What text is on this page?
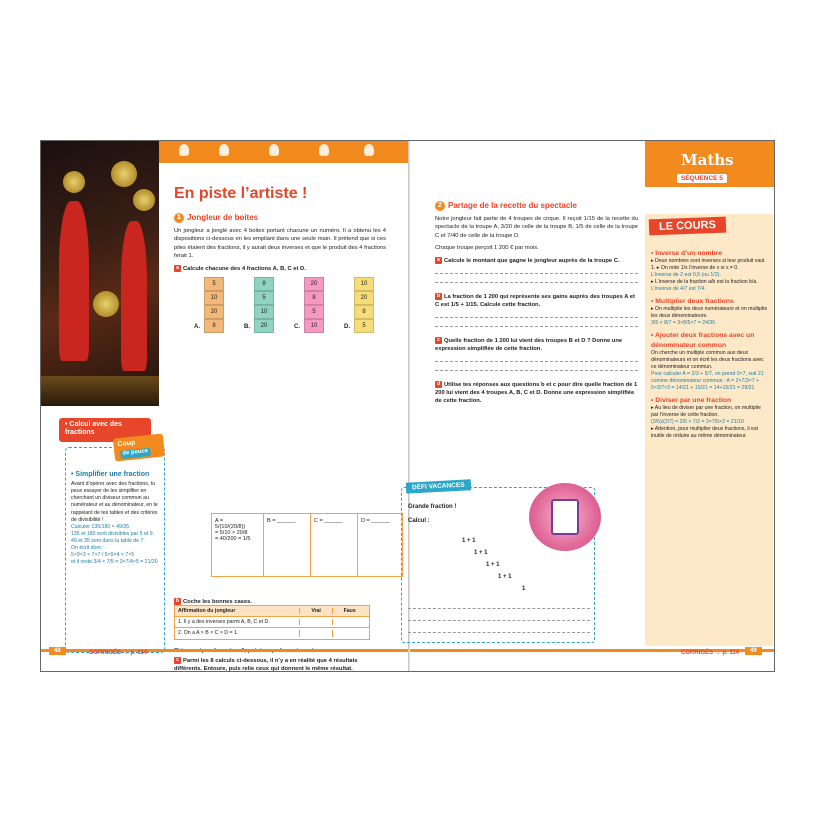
• Calcul avec des fractions
Coupde pouce
• Simplifier une fraction

Avant d’opérer avec des fractions, tu peux essayer de les simplifier en cherchant un diviseur commun au numérateur et au dénominateur, en te rappelant de tes tables et des critères de divisibilité !

Calculer 135/180 × 49/35

135 et 180 sont divisibles par 5 et 9.

49 et 35 sont dans la table de 7.

On écrit donc :

5×9×3 × 7×7 / 5×9×4 × 7×5

et il reste 3/4 × 7/5 = 3×7/4×5 = 21/20

En piste l’artiste !
1 Jongleur de boites

Un jongleur a jonglé avec 4 boites portant chacune un numéro. Il a obtenu les 4 dispositions ci-dessous en les empilant dans une seule main. Il prétend que si ces piles étaient des fractions, il y aurait deux inverses et que le produit des 4 fractions ferait 1.

a Calcule chacune des 4 fractions A, B, C et D.

5
10
20
8
A.
8
5
10
20
B.
20
8
5
10
C.
10
20
8
5
D.
A =
5/(10/(20/8))
= 5/10 × 20/8
= 40/200 = 1/5
B = ______	C = ______	D = ______

b Coche les bonnes cases.

Affirmation du jongleur	Vrai	Faux
1. Il y a des inverses parmi A, B, C et D.
2. On a A × B × C × D = 1.

Si tu as répondu vrai au 1, précise quels sont ces inverses.

c Parmi les 8 calculs ci-dessous, il n’y a en réalité que 4 résultats différents. Entoure, puis relie ceux qui donnent le même résultat.

48	CORRIGÉS → p. 114
2 Partage de la recette du spectacle

Notre jongleur fait partie de 4 troupes de cirque. Il reçoit 1/15 de la recette du spectacle de la troupe A, 3/20 de celle de la troupe B, 1/5 de celle de la troupe C et 7/40 de celle de la troupe D.

Chaque troupe perçoit 1 200 € par mois.

a Calcule le montant que gagne le jongleur auprès de la troupe C.

b La fraction de 1 200 qui représente ses gains auprès des troupes A et C est 1/5 + 1/15. Calcule cette fraction.

c Quelle fraction de 1 200 lui vient des troupes B et D ? Donne une expression simplifiée de cette fraction.

d Utilise tes réponses aux questions b et c pour dire quelle fraction de 1 200 lui vient des 4 troupes A, B, C et D. Donne une expression simplifiée de cette fraction.

DÉFI VACANCES
Grande fraction !
Calcul :
1 + 1
1 + 1
1 + 1
1 + 1
1
Maths
SÉQUENCE 5
LE COURS
• Inverse d’un nombre

▸ Deux nombres sont inverses si leur produit vaut 1. ▸ On note 1/x l’inverse de x si x ≠ 0.

L’inverse de 2 est 0,5 (ou 1/2).

▸ L’inverse de la fraction a/b est la fraction b/a.

L’inverse de 4/7 est 7/4.

• Multiplier deux fractions

▸ On multiplie les deux numérateurs et on multiplie les deux dénominateurs.

3/5 × 8/7 = 3×8/5×7 = 24/35

• Ajouter deux fractions avec un dénominateur commun

On cherche un multiple commun aux deux dénominateurs et on écrit les deux fractions avec ce dénominateur commun.

Pour calculer A = 2/3 + 5/7, on prend 3×7, soit 21 comme dénominateur commun : A = 2×7/3×7 + 5×3/7×3 = 14/21 + 15/21 = 14+15/21 = 29/21

• Diviser par une fraction

▸ Au lieu de diviser par une fraction, on multiplie par l’inverse de cette fraction.

(3/5)/(2/7) = 3/5 × 7/2 = 3×7/5×2 = 21/10

▸ Attention, pour multiplier deux fractions, il est inutile de réduire au même dénominateur.

CORRIGÉS → p. 114	49
